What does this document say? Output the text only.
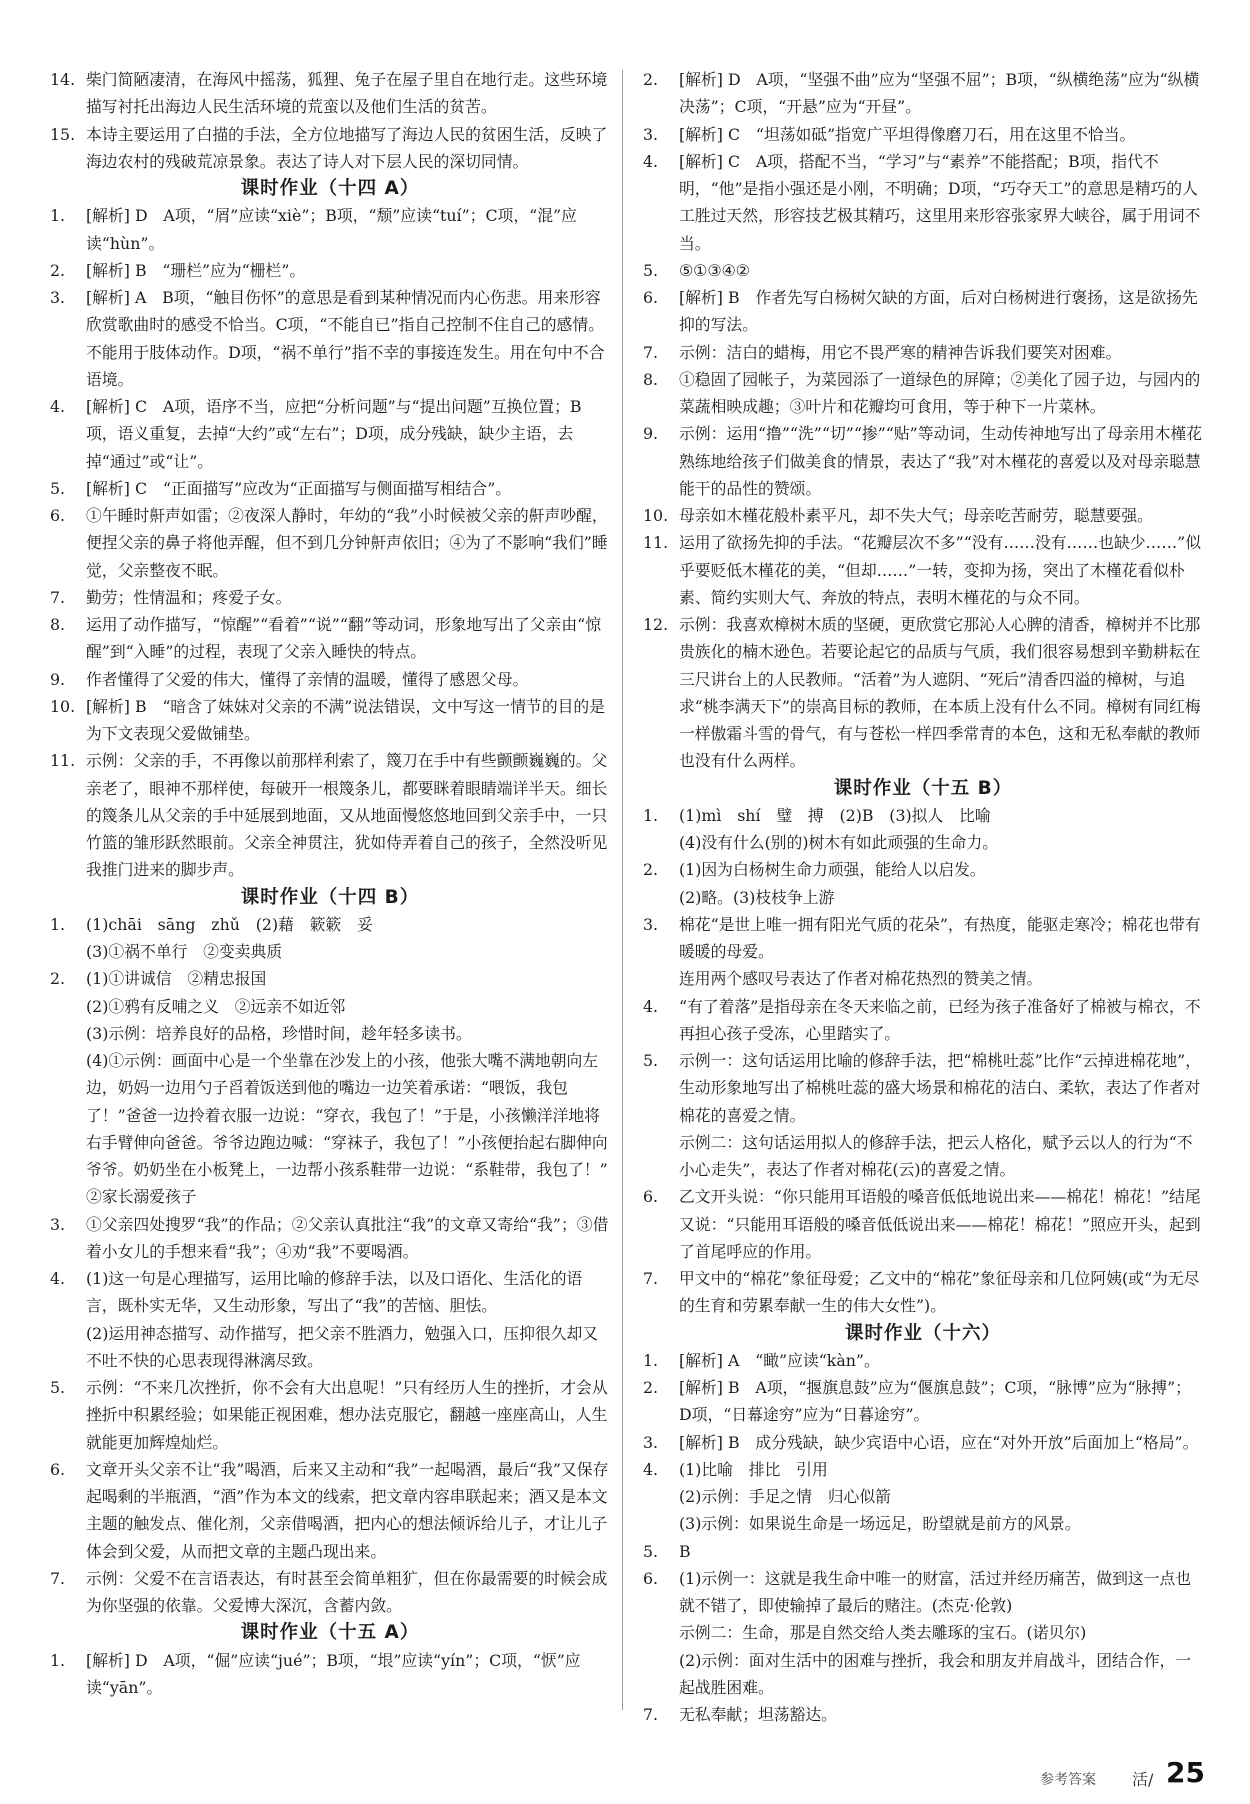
14. 柴门简陋凄清，在海风中摇荡，狐狸、兔子在屋子里自在地行走。这些环境描写衬托出海边人民生活环境的荒蛮以及他们生活的贫苦。
15. 本诗主要运用了白描的手法，全方位地描写了海边人民的贫困生活，反映了海边农村的残破荒凉景象。表达了诗人对下层人民的深切同情。
课时作业（十四 A）
1. [解析] D　A项，“屑”应读“xiè”；B项，“颓”应读“tuí”；C项，“混”应读“hùn”。
2. [解析] B　“珊栏”应为“栅栏”。
3. [解析] A　B项，“触目伤怀”的意思是看到某种情况而内心伤悲。用来形容欣赏歌曲时的感受不恰当。C项，“不能自已”指自己控制不住自己的感情。不能用于肢体动作。D项，“祸不单行”指不幸的事接连发生。用在句中不合语境。
4. [解析] C　A项，语序不当，应把“分析问题”与“提出问题”互换位置；B项，语义重复，去掉“大约”或“左右”；D项，成分残缺，缺少主语，去掉“通过”或“让”。
5. [解析] C　“正面描写”应改为“正面描写与侧面描写相结合”。
6. ①午睡时鼾声如雷；②夜深人静时，年幼的“我”小时候被父亲的鼾声吵醒，便捏父亲的鼻子将他弄醒，但不到几分钟鼾声依旧；④为了不影响“我们”睡觉，父亲整夜不眠。
7. 勤劳；性情温和；疼爱子女。
8. 运用了动作描写，“惊醒”“看着”“说”“翻”等动词，形象地写出了父亲由“惊醒”到“入睡”的过程，表现了父亲入睡快的特点。
9. 作者懂得了父爱的伟大，懂得了亲情的温暖，懂得了感恩父母。
10. [解析] B　“暗含了妹妹对父亲的不满”说法错误，文中写这一情节的目的是为下文表现父爱做铺垫。
11. 示例：父亲的手，不再像以前那样利索了，篾刀在手中有些颤颤巍巍的。父亲老了，眼神不那样使，每破开一根篾条儿，都要眯着眼睛端详半天。细长的篾条儿从父亲的手中延展到地面，又从地面慢悠悠地回到父亲手中，一只竹篮的雏形跃然眼前。父亲全神贯注，犹如侍弄着自己的孩子，全然没听见我推门进来的脚步声。
课时作业（十四 B）
1. (1)chāi　sāng　zhǔ　(2)藉　簌簌　妥
(3)①祸不单行　②变卖典质
2. (1)①讲诚信　②精忠报国
(2)①鸦有反哺之义　②远亲不如近邻
(3)示例：培养良好的品格，珍惜时间，趁年轻多读书。
(4)①示例：画面中心是一个坐靠在沙发上的小孩，他张大嘴不满地朝向左边，奶妈一边用勺子舀着饭送到他的嘴边一边笑着承诺：“喂饭，我包了！”爸爸一边拎着衣服一边说：“穿衣，我包了！”于是，小孩懒洋洋地将右手臂伸向爸爸。爷爷边跑边喊：“穿袜子，我包了！”小孩便抬起右脚伸向爷爷。奶奶坐在小板凳上，一边帮小孩系鞋带一边说：“系鞋带，我包了！”
②家长溺爱孩子
3. ①父亲四处搜罗“我”的作品；②父亲认真批注“我”的文章又寄给“我”；③借着小女儿的手想来看“我”；④劝“我”不要喝酒。
4. (1)这一句是心理描写，运用比喻的修辞手法，以及口语化、生活化的语言，既朴实无华，又生动形象，写出了“我”的苦恼、胆怯。
(2)运用神态描写、动作描写，把父亲不胜酒力，勉强入口，压抑很久却又不吐不快的心思表现得淋漓尽致。
5. 示例：“不来几次挫折，你不会有大出息呢！”只有经历人生的挫折，才会从挫折中积累经验；如果能正视困难，想办法克服它，翻越一座座高山，人生就能更加辉煌灿烂。
6. 文章开头父亲不让“我”喝酒，后来又主动和“我”一起喝酒，最后“我”又保存起喝剩的半瓶酒，“酒”作为本文的线索，把文章内容串联起来；酒又是本文主题的触发点、催化剂，父亲借喝酒，把内心的想法倾诉给儿子，才让儿子体会到父爱，从而把文章的主题凸现出来。
7. 示例：父爱不在言语表达，有时甚至会简单粗犷，但在你最需要的时候会成为你坚强的依靠。父爱博大深沉，含蓄内敛。
课时作业（十五 A）
1. [解析] D　A项，“倔”应读“jué”；B项，“垠”应读“yín”；C项，“恹”应读“yān”。
2. [解析] D　A项，“坚强不曲”应为“坚强不屈”；B项，“纵横绝荡”应为“纵横决荡”；C项，“开悬”应为“开昼”。
3. [解析] C　“坦荡如砥”指宽广平坦得像磨刀石，用在这里不恰当。
4. [解析] C　A项，搭配不当，“学习”与“素养”不能搭配；B项，指代不明，“他”是指小强还是小刚，不明确；D项，“巧夺天工”的意思是精巧的人工胜过天然，形容技艺极其精巧，这里用来形容张家界大峡谷，属于用词不当。
5. ⑤①③④②
6. [解析] B　作者先写白杨树欠缺的方面，后对白杨树进行褒扬，这是欲扬先抑的写法。
7. 示例：洁白的蜡梅，用它不畏严寒的精神告诉我们要笑对困难。
8. ①稳固了园帐子，为菜园添了一道绿色的屏障；②美化了园子边，与园内的菜蔬相映成趣；③叶片和花瓣均可食用，等于种下一片菜林。
9. 示例：运用“撸”“洗”“切”“掺”“贴”等动词，生动传神地写出了母亲用木槿花熟练地给孩子们做美食的情景，表达了“我”对木槿花的喜爱以及对母亲聪慧能干的品性的赞颂。
10. 母亲如木槿花般朴素平凡，却不失大气；母亲吃苦耐劳，聪慧要强。
11. 运用了欲扬先抑的手法。“花瓣层次不多”“没有……没有……也缺少……”似乎要贬低木槿花的美，“但却……”一转，变抑为扬，突出了木槿花看似朴素、简约实则大气、奔放的特点，表明木槿花的与众不同。
12. 示例：我喜欢樟树木质的坚硬，更欣赏它那沁人心脾的清香，樟树并不比那贵族化的楠木逊色。若要论起它的品质与气质，我们很容易想到辛勤耕耘在三尺讲台上的人民教师。“活着”为人遮阴、“死后”清香四溢的樟树，与追求“桃李满天下”的崇高目标的教师，在本质上没有什么不同。樟树有同红梅一样傲霜斗雪的骨气，有与苍松一样四季常青的本色，这和无私奉献的教师也没有什么两样。
课时作业（十五 B）
1. (1)mì　shí　璧　搏　(2)B　(3)拟人　比喻
(4)没有什么(别的)树木有如此顽强的生命力。
2. (1)因为白杨树生命力顽强，能给人以启发。
(2)略。(3)枝枝争上游
3. 棉花“是世上唯一拥有阳光气质的花朵”，有热度，能驱走寒冷；棉花也带有暖暖的母爱。
连用两个感叹号表达了作者对棉花热烈的赞美之情。
4. “有了着落”是指母亲在冬天来临之前，已经为孩子准备好了棉被与棉衣，不再担心孩子受冻，心里踏实了。
5. 示例一：这句话运用比喻的修辞手法，把“棉桃吐蕊”比作“云掉进棉花地”，生动形象地写出了棉桃吐蕊的盛大场景和棉花的洁白、柔软，表达了作者对棉花的喜爱之情。
示例二：这句话运用拟人的修辞手法，把云人格化，赋予云以人的行为“不小心走失”，表达了作者对棉花(云)的喜爱之情。
6. 乙文开头说：“你只能用耳语般的嗓音低低地说出来——棉花！棉花！”结尾又说：“只能用耳语般的嗓音低低说出来——棉花！棉花！”照应开头，起到了首尾呼应的作用。
7. 甲文中的“棉花”象征母爱；乙文中的“棉花”象征母亲和几位阿姨(或“为无尽的生育和劳累奉献一生的伟大女性”)。
课时作业（十六）
1. [解析] A　“瞰”应读“kàn”。
2. [解析] B　A项，“揠旗息鼓”应为“偃旗息鼓”；C项，“脉博”应为“脉搏”；D项，“日幕途穷”应为“日暮途穷”。
3. [解析] B　成分残缺，缺少宾语中心语，应在“对外开放”后面加上“格局”。
4. (1)比喻　排比　引用
(2)示例：手足之情　归心似箭
(3)示例：如果说生命是一场远足，盼望就是前方的风景。
5. B
6. (1)示例一：这就是我生命中唯一的财富，活过并经历痛苦，做到这一点也就不错了，即使输掉了最后的赌注。(杰克·伦敦)
示例二：生命，那是自然交给人类去雕琢的宝石。(诺贝尔)
(2)示例：面对生活中的困难与挫折，我会和朋友并肩战斗，团结合作，一起战胜困难。
7. 无私奉献；坦荡豁达。
参考答案	活/ 25
